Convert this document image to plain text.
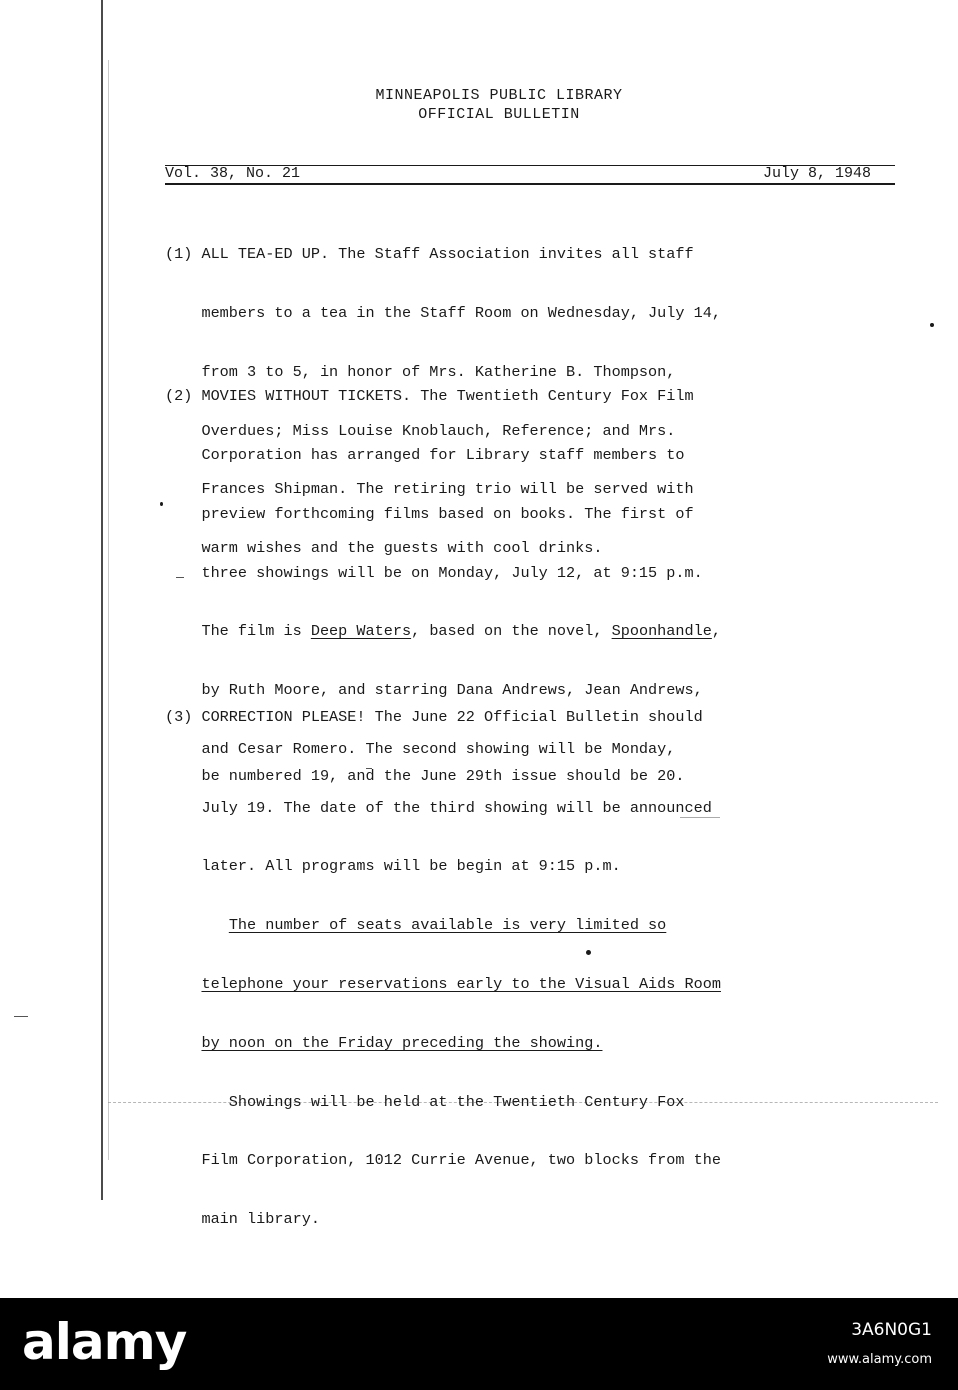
MINNEAPOLIS PUBLIC LIBRARY
OFFICIAL BULLETIN
Vol. 38, No. 21	July 8, 1948

(1) ALL TEA-ED UP. The Staff Association invites all staff

members to a tea in the Staff Room on Wednesday, July 14,

from 3 to 5, in honor of Mrs. Katherine B. Thompson,

Overdues; Miss Louise Knoblauch, Reference; and Mrs.

Frances Shipman. The retiring trio will be served with

warm wishes and the guests with cool drinks.

(2) MOVIES WITHOUT TICKETS. The Twentieth Century Fox Film

Corporation has arranged for Library staff members to

preview forthcoming films based on books. The first of

three showings will be on Monday, July 12, at 9:15 p.m.

The film is Deep Waters, based on the novel, Spoonhandle,

by Ruth Moore, and starring Dana Andrews, Jean Andrews,

and Cesar Romero. The second showing will be Monday,

July 19. The date of the third showing will be announced

later. All programs will be begin at 9:15 p.m.

The number of seats available is very limited so

telephone your reservations early to the Visual Aids Room

by noon on the Friday preceding the showing.

Showings will be held at the Twentieth Century Fox

Film Corporation, 1012 Currie Avenue, two blocks from the

main library.

(3) CORRECTION PLEASE! The June 22 Official Bulletin should

be numbered 19, and the June 29th issue should be 20.

alamy	3A6N0G1
www.alamy.com
